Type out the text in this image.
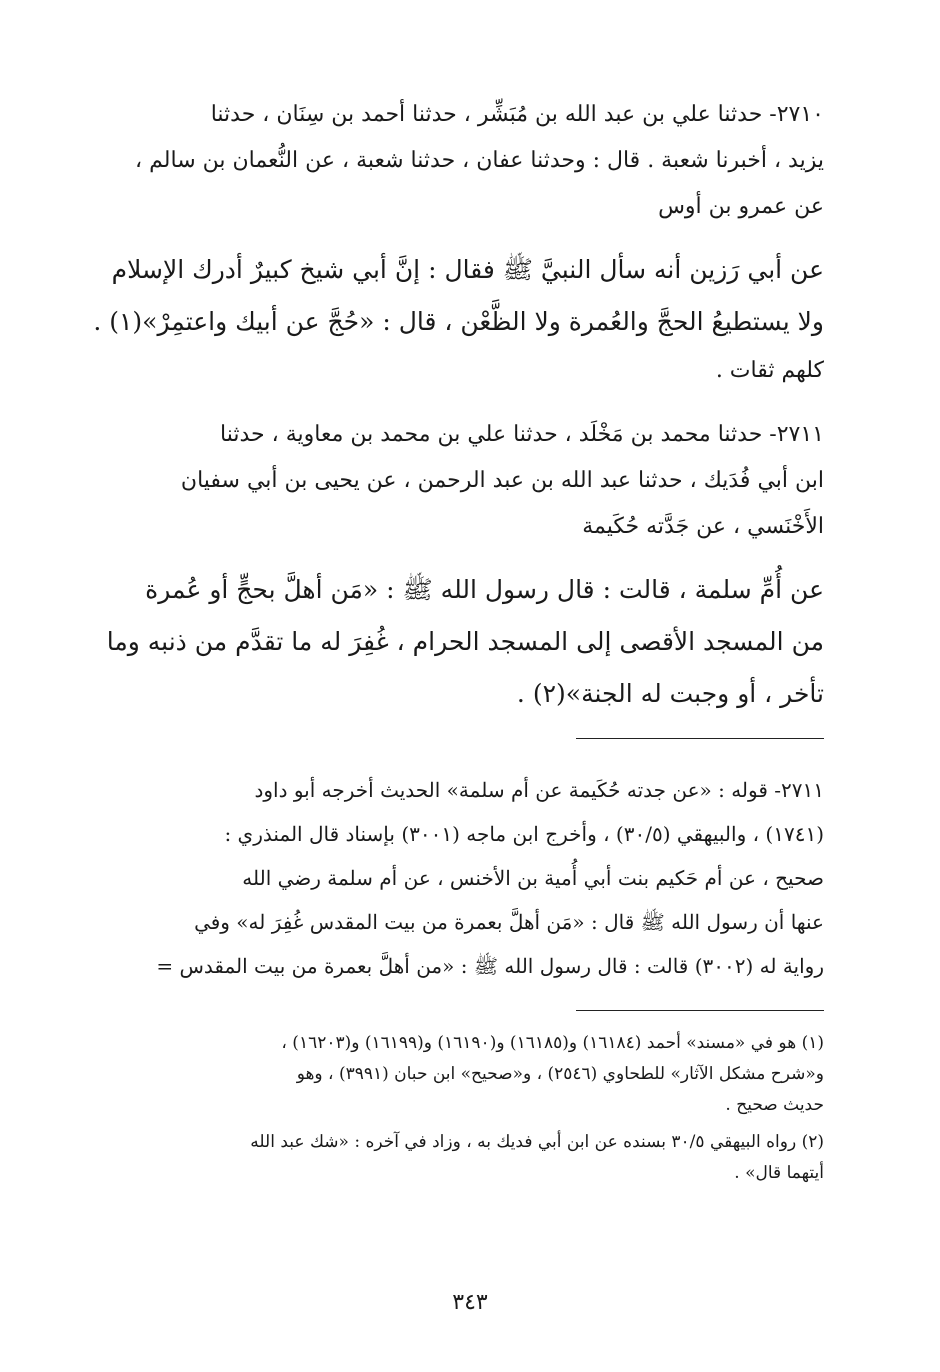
٢٧١٠- حدثنا علي بن عبد الله بن مُبَشِّر ، حدثنا أحمد بن سِنَان ، حدثنا
يزيد ، أخبرنا شعبة . قال : وحدثنا عفان ، حدثنا شعبة ، عن النُّعمان بن سالم ،
عن عمرو بن أوس
عن أبي رَزين أنه سأل النبيَّ ﷺ فقال : إنَّ أبي شيخ كبيرٌ أدرك الإسلام
ولا يستطيعُ الحجَّ والعُمرة ولا الظَّعْن ، قال : «حُجَّ عن أبيك واعتمِرْ»(١) .
كلهم ثقات .
٢٧١١- حدثنا محمد بن مَخْلَد ، حدثنا علي بن محمد بن معاوية ، حدثنا
ابن أبي فُدَيك ، حدثنا عبد الله بن عبد الرحمن ، عن يحيى بن أبي سفيان
الأَخْنَسي ، عن جَدَّته حُكَيمة
عن أُمِّ سلمة ، قالت : قال رسول الله ﷺ : «مَن أهلَّ بحجٍّ أو عُمرة
من المسجد الأقصى إلى المسجد الحرام ، غُفِرَ له ما تقدَّم من ذنبه وما
تأخر ، أو وجبت له الجنة»(٢) .
٢٧١١- قوله : «عن جدته حُكَيمة عن أم سلمة» الحديث أخرجه أبو داود
(١٧٤١) ، والبيهقي (٣٠/٥) ، وأخرج ابن ماجه (٣٠٠١) بإسناد قال المنذري :
صحيح ، عن أم حَكيم بنت أبي أُمية بن الأخنس ، عن أم سلمة رضي الله
عنها أن رسول الله ﷺ قال : «مَن أهلَّ بعمرة من بيت المقدس غُفِرَ له» وفي
رواية له (٣٠٠٢) قالت : قال رسول الله ﷺ : «من أهلَّ بعمرة من بيت المقدس =
(١) هو في «مسند» أحمد (١٦١٨٤) و(١٦١٨٥) و(١٦١٩٠) و(١٦١٩٩) و(١٦٢٠٣) ،
و«شرح مشكل الآثار» للطحاوي (٢٥٤٦) ، و«صحيح» ابن حبان (٣٩٩١) ، وهو
حديث صحيح .
(٢) رواه البيهقي ٣٠/٥ بسنده عن ابن أبي فديك به ، وزاد في آخره : «شك عبد الله
أيتهما قال» .
٣٤٣
